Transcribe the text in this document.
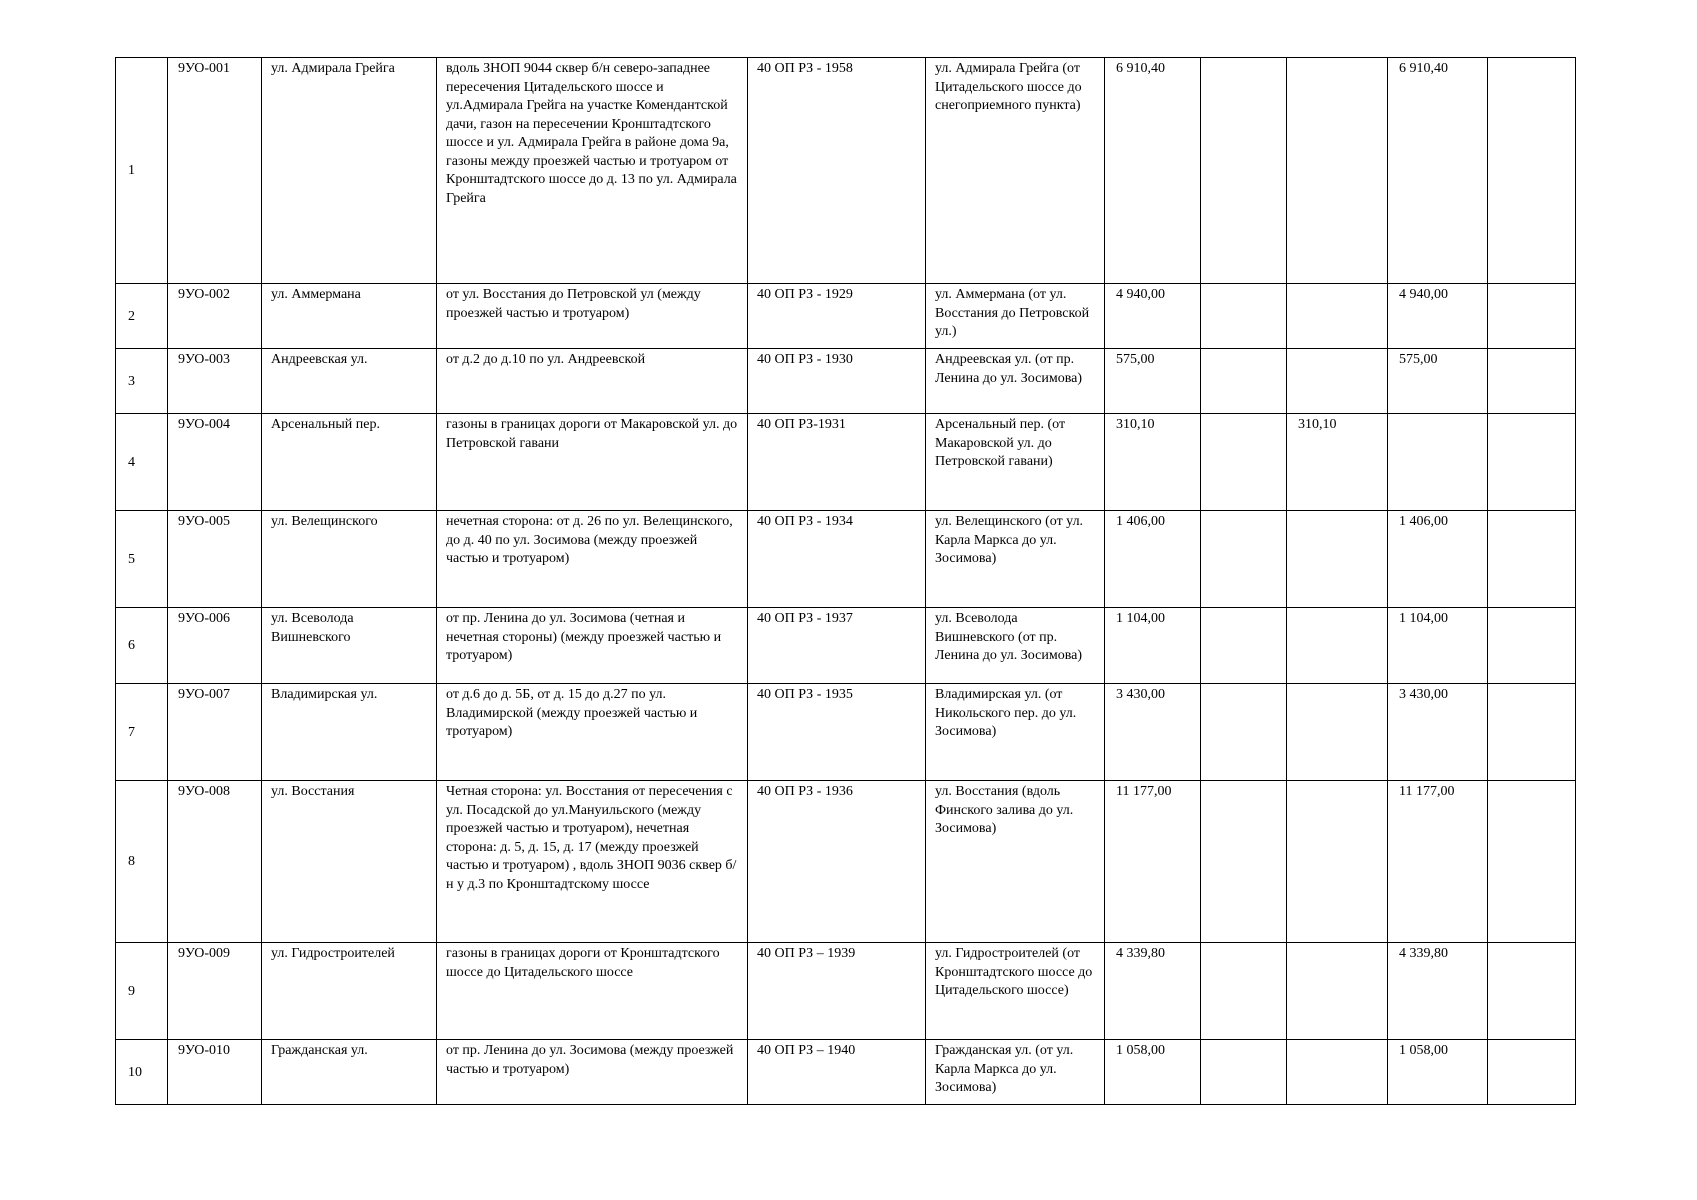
1	9УО-001	ул. Адмирала Грейга	вдоль ЗНОП 9044 сквер б/н северо-западнее пересечения Цитадельского шоссе и ул.Адмирала Грейга на участке Комендантской дачи, газон на пересечении Кронштадтского шоссе и ул. Адмирала Грейга в районе дома 9а, газоны между проезжей частью и тротуаром от Кронштадтского шоссе до д. 13 по ул. Адмирала Грейга	40 ОП РЗ - 1958	ул. Адмирала Грейга (от Цитадельского шоссе до снегоприемного пункта)	6 910,40			6 910,40	
2	9УО-002	ул. Аммермана	от ул. Восстания до Петровской ул (между проезжей частью и тротуаром)	40 ОП РЗ - 1929	ул. Аммермана (от ул. Восстания до Петровской ул.)	4 940,00			4 940,00	
3	9УО-003	Андреевская ул.	от д.2 до д.10 по ул. Андреевской	40 ОП РЗ - 1930	Андреевская ул. (от пр. Ленина до ул. Зосимова)	575,00			575,00	
4	9УО-004	Арсенальный пер.	газоны в границах дороги от Макаровской ул. до Петровской гавани	40 ОП РЗ-1931	Арсенальный пер. (от Макаровской ул. до Петровской гавани)	310,10		310,10		
5	9УО-005	ул. Велещинского	нечетная сторона: от д. 26 по ул. Велещинского, до д. 40 по ул. Зосимова (между проезжей частью и тротуаром)	40 ОП РЗ - 1934	ул. Велещинского (от ул. Карла Маркса до ул. Зосимова)	1 406,00			1 406,00	
6	9УО-006	ул. Всеволода Вишневского	от пр. Ленина до ул. Зосимова (четная и нечетная стороны) (между проезжей частью и тротуаром)	40 ОП РЗ - 1937	ул. Всеволода Вишневского (от пр. Ленина до ул. Зосимова)	1 104,00			1 104,00	
7	9УО-007	Владимирская ул.	от д.6 до д. 5Б, от д. 15 до д.27 по ул. Владимирской (между проезжей частью и тротуаром)	40 ОП РЗ - 1935	Владимирская ул. (от Никольского пер. до ул. Зосимова)	3 430,00			3 430,00	
8	9УО-008	ул. Восстания	Четная сторона: ул. Восстания от пересечения с ул. Посадской до ул.Мануильского (между проезжей частью и тротуаром), нечетная сторона: д. 5, д. 15, д. 17 (между проезжей частью и тротуаром) , вдоль ЗНОП 9036 сквер б/н у д.3 по Кронштадтскому шоссе	40 ОП РЗ - 1936	ул. Восстания (вдоль Финского залива до ул. Зосимова)	11 177,00			11 177,00	
9	9УО-009	ул. Гидростроителей	газоны в границах дороги от Кронштадтского шоссе до Цитадельского шоссе	40 ОП РЗ – 1939	ул. Гидростроителей (от Кронштадтского шоссе до Цитадельского шоссе)	4 339,80			4 339,80	
10	9УО-010	Гражданская ул.	от пр. Ленина до ул. Зосимова (между проезжей частью и тротуаром)	40 ОП РЗ – 1940	Гражданская ул. (от ул. Карла Маркса до ул. Зосимова)	1 058,00			1 058,00	
